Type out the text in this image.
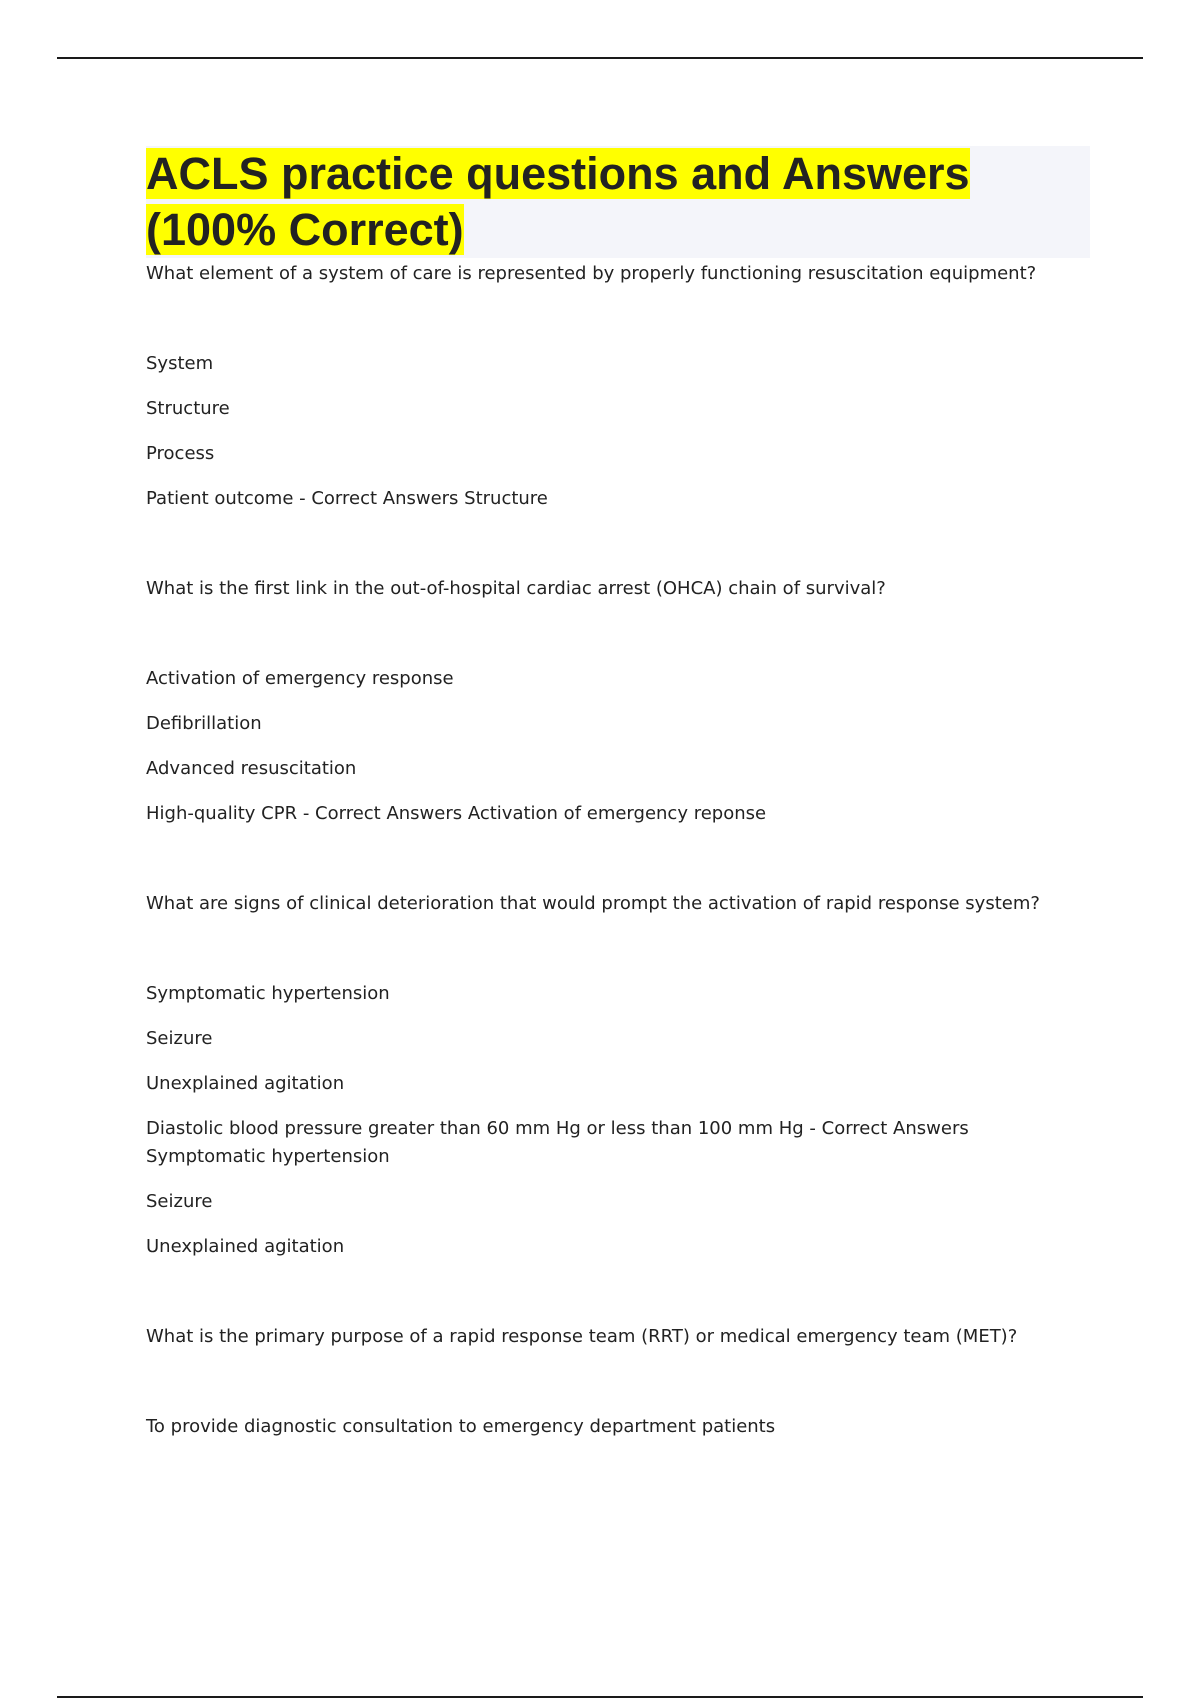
ACLS practice questions and Answers (100% Correct)

What element of a system of care is represented by properly functioning resuscitation equipment?

System

Structure

Process

Patient outcome - Correct Answers Structure

What is the first link in the out-of-hospital cardiac arrest (OHCA) chain of survival?

Activation of emergency response

Defibrillation

Advanced resuscitation

High-quality CPR - Correct Answers Activation of emergency reponse

What are signs of clinical deterioration that would prompt the activation of rapid response system?

Symptomatic hypertension

Seizure

Unexplained agitation

Diastolic blood pressure greater than 60 mm Hg or less than 100 mm Hg - Correct Answers Symptomatic hypertension

Seizure

Unexplained agitation

What is the primary purpose of a rapid response team (RRT) or medical emergency team (MET)?

To provide diagnostic consultation to emergency department patients
